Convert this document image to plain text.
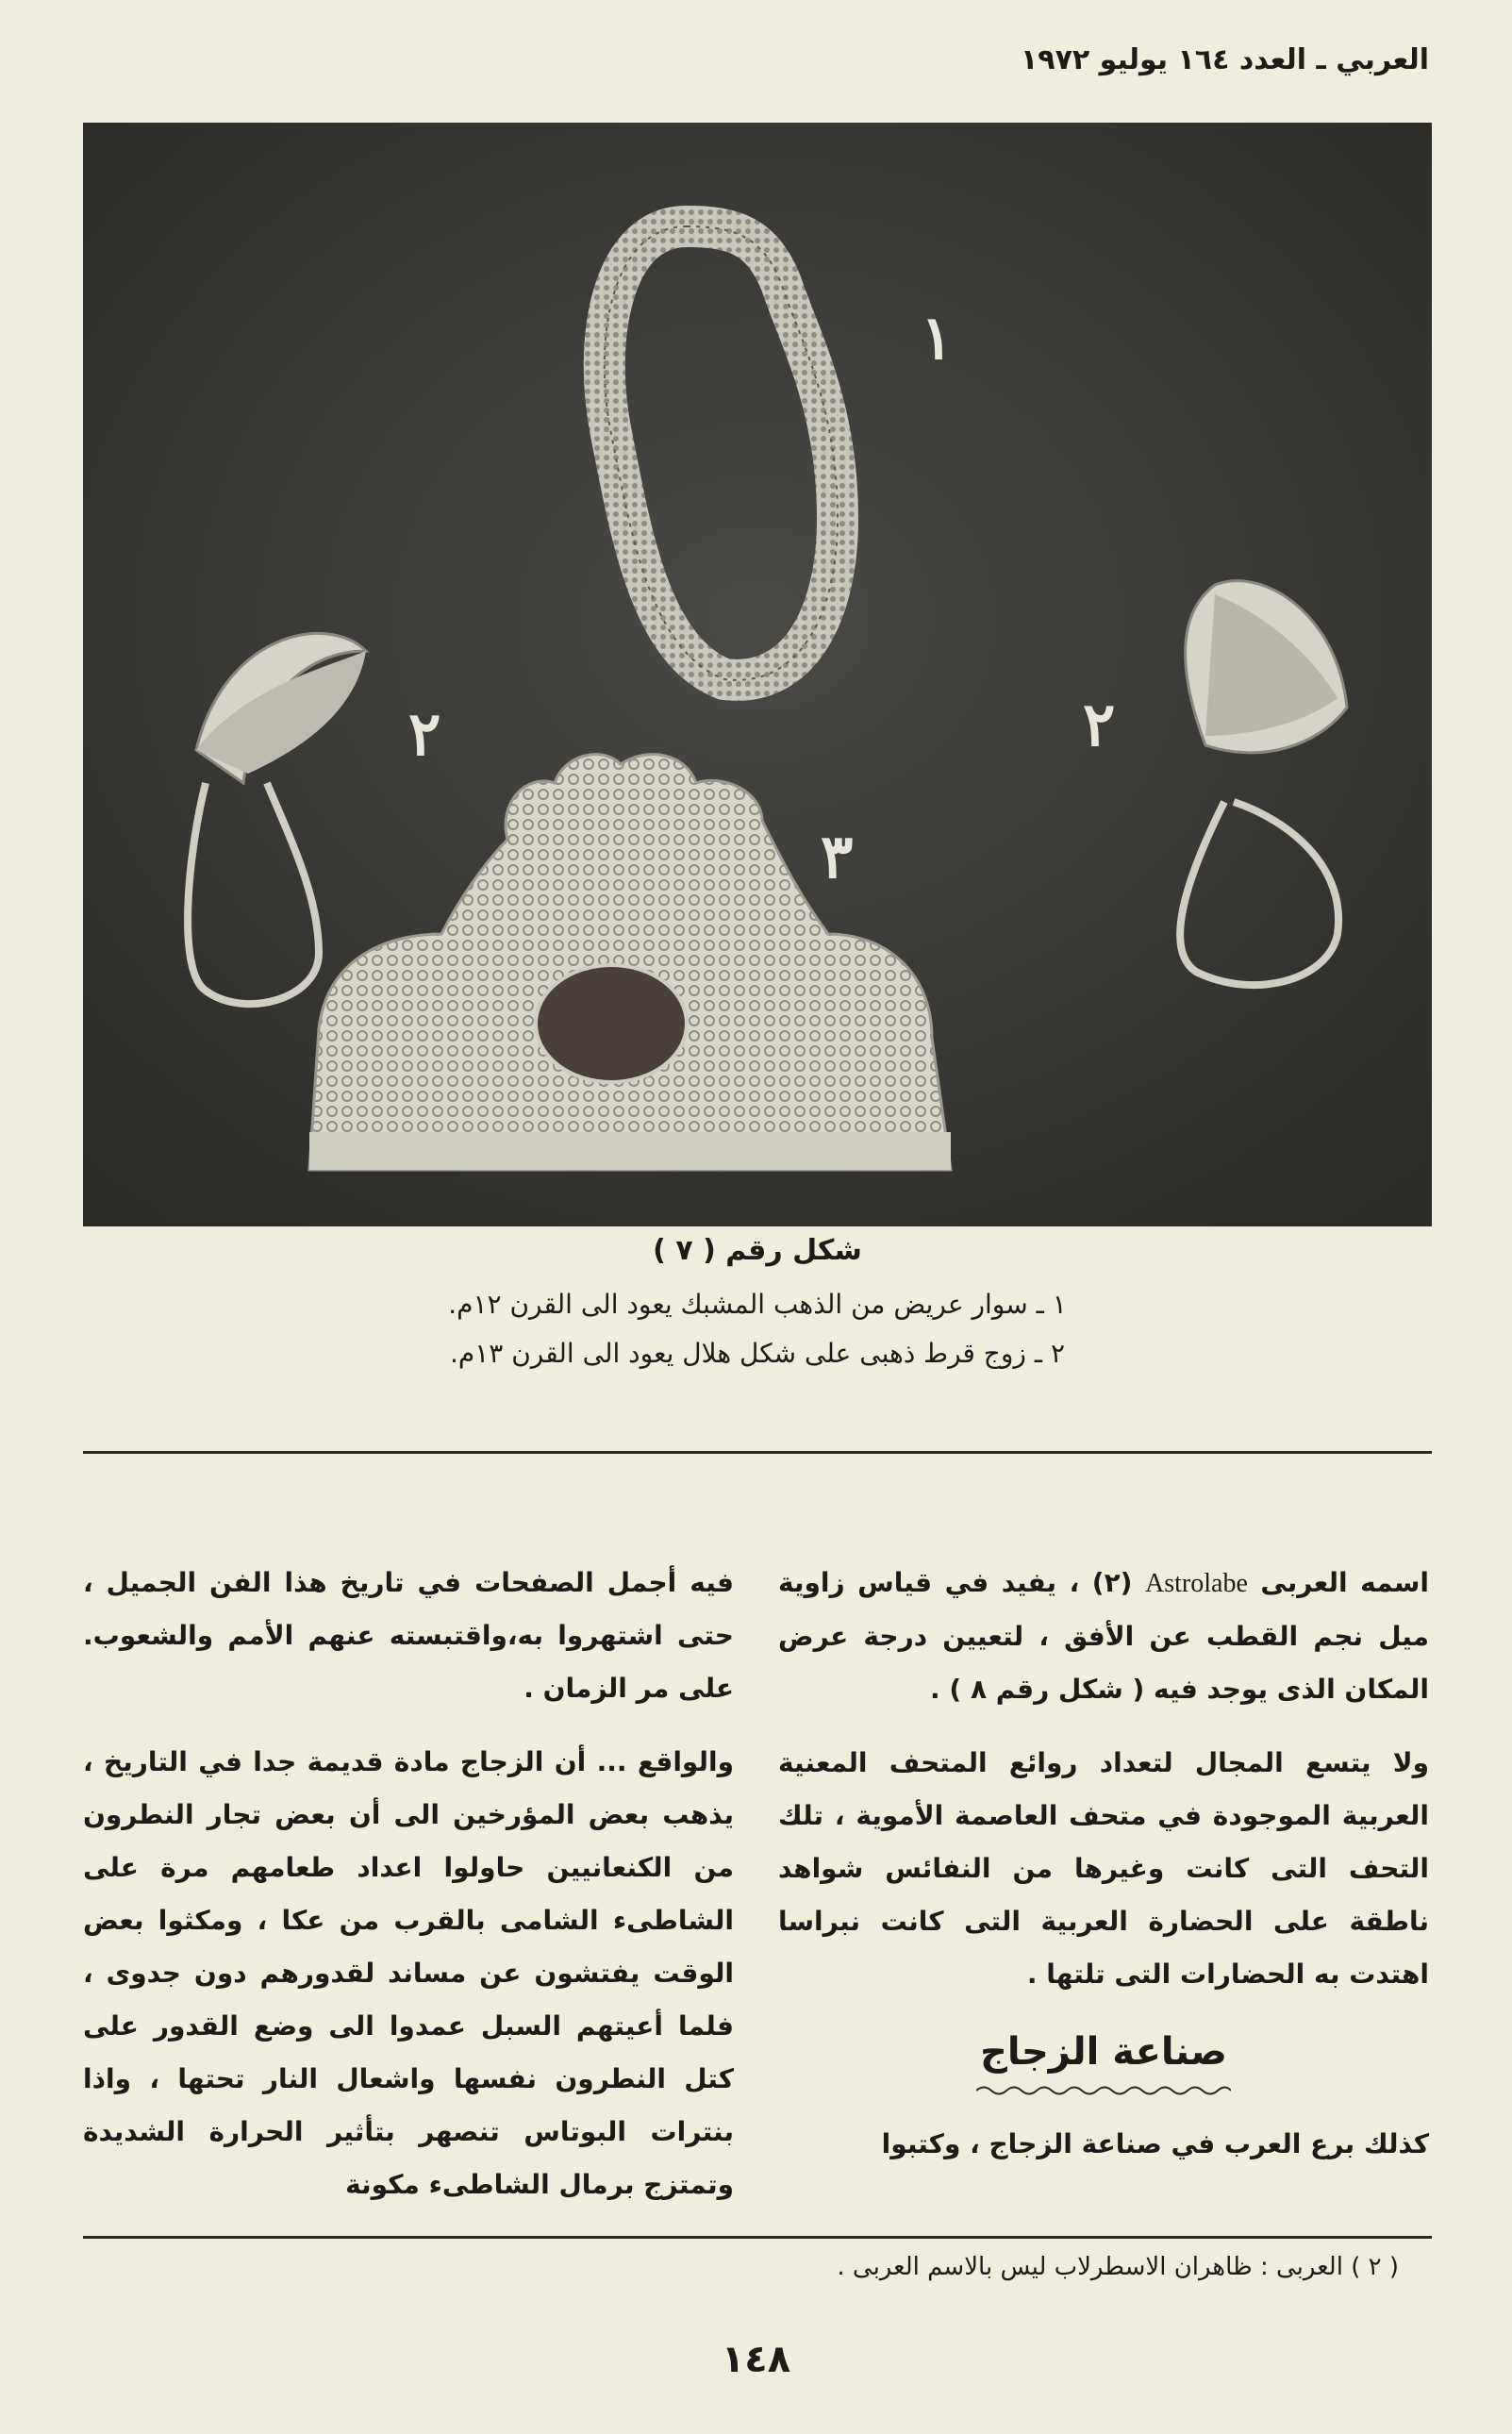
العربي ـ العدد ١٦٤ يوليو ١٩٧٢
١
٢	٢
٣
شكل رقم ( ٧ )
١ ـ سوار عريض من الذهب المشبك يعود الى القرن ١٢م.
٢ ـ زوج قرط ذهبى على شكل هلال يعود الى القرن ١٣م.

اسمه العربى Astrolabe (٢) ، يفيد في قياس زاوية ميل نجم القطب عن الأفق ، لتعيين درجة عرض المكان الذى يوجد فيه ( شكل رقم ٨ ) .

ولا يتسع المجال لتعداد روائع المتحف المعنية العربية الموجودة في متحف العاصمة الأموية ، تلك التحف التى كانت وغيرها من النفائس شواهد ناطقة على الحضارة العربية التى كانت نبراسا اهتدت به الحضارات التى تلتها .

صناعة الزجاج

كذلك برع العرب في صناعة الزجاج ، وكتبوا

فيه أجمل الصفحات في تاريخ هذا الفن الجميل ، حتى اشتهروا به،واقتبسته عنهم الأمم والشعوب. على مر الزمان .

والواقع ... أن الزجاج مادة قديمة جدا في التاريخ ، يذهب بعض المؤرخين الى أن بعض تجار النطرون من الكنعانيين حاولوا اعداد طعامهم مرة على الشاطىء الشامى بالقرب من عكا ، ومكثوا بعض الوقت يفتشون عن مساند لقدورهم دون جدوى ، فلما أعيتهم السبل عمدوا الى وضع القدور على كتل النطرون نفسها واشعال النار تحتها ، واذا بنترات البوتاس تنصهر بتأثير الحرارة الشديدة وتمتزج برمال الشاطىء مكونة

( ٢ ) العربى : ظاهران الاسطرلاب ليس بالاسم العربى .
١٤٨
